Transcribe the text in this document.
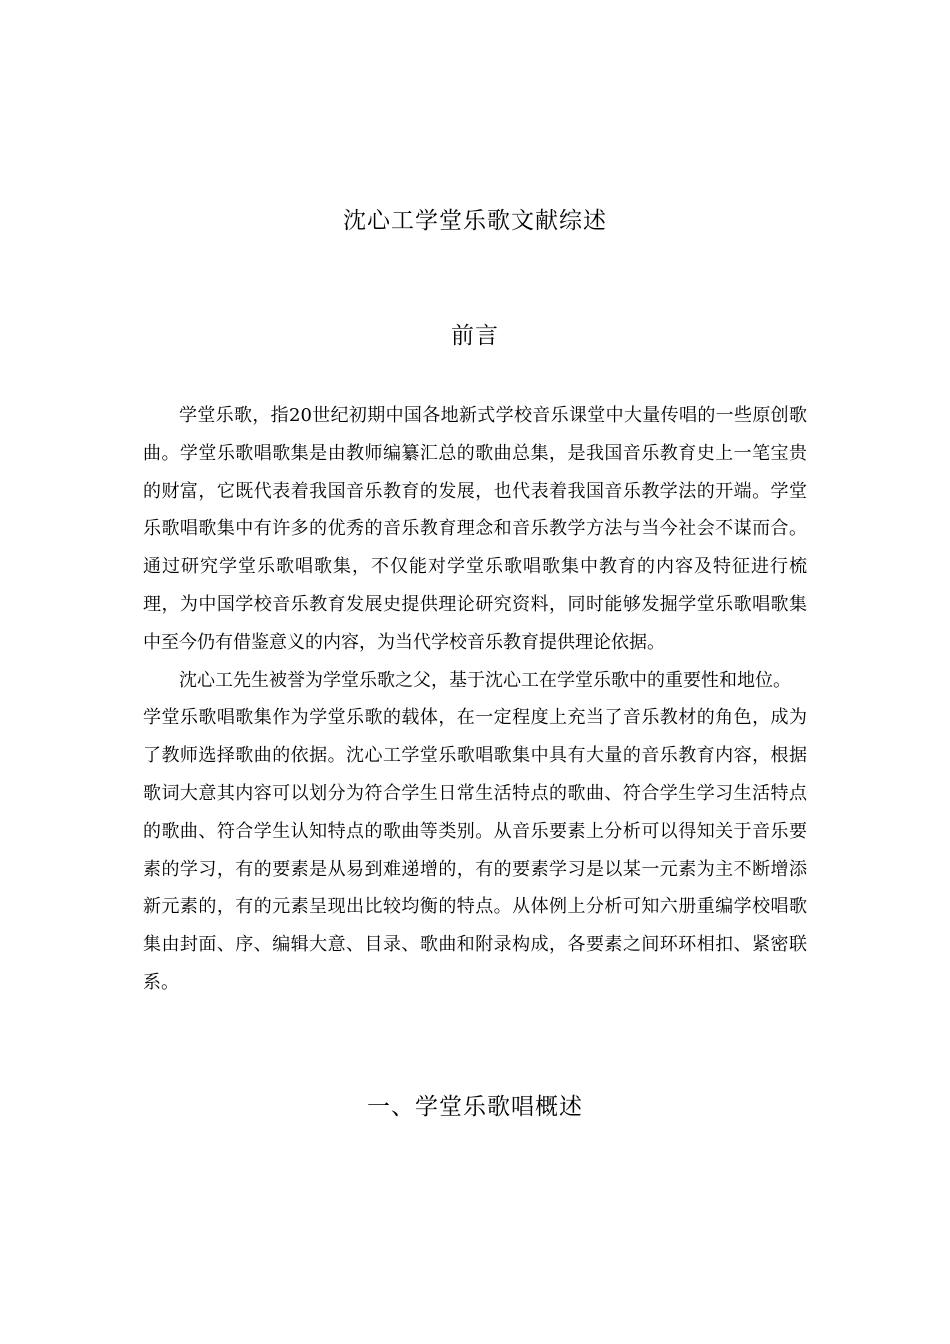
沈心工学堂乐歌文献综述
前言

学堂乐歌，指20世纪初期中国各地新式学校音乐课堂中大量传唱的一些原创歌曲。学堂乐歌唱歌集是由教师编纂汇总的歌曲总集，是我国音乐教育史上一笔宝贵的财富，它既代表着我国音乐教育的发展，也代表着我国音乐教学法的开端。学堂乐歌唱歌集中有许多的优秀的音乐教育理念和音乐教学方法与当今社会不谋而合。通过研究学堂乐歌唱歌集，不仅能对学堂乐歌唱歌集中教育的内容及特征进行梳理，为中国学校音乐教育发展史提供理论研究资料，同时能够发掘学堂乐歌唱歌集中至今仍有借鉴意义的内容，为当代学校音乐教育提供理论依据。

沈心工先生被誉为学堂乐歌之父，基于沈心工在学堂乐歌中的重要性和地位。

学堂乐歌唱歌集作为学堂乐歌的载体，在一定程度上充当了音乐教材的角色，成为了教师选择歌曲的依据。沈心工学堂乐歌唱歌集中具有大量的音乐教育内容，根据歌词大意其内容可以划分为符合学生日常生活特点的歌曲、符合学生学习生活特点的歌曲、符合学生认知特点的歌曲等类别。从音乐要素上分析可以得知关于音乐要素的学习，有的要素是从易到难递增的，有的要素学习是以某一元素为主不断增添新元素的，有的元素呈现出比较均衡的特点。从体例上分析可知六册重编学校唱歌集由封面、序、编辑大意、目录、歌曲和附录构成，各要素之间环环相扣、紧密联系。

一、学堂乐歌唱概述
